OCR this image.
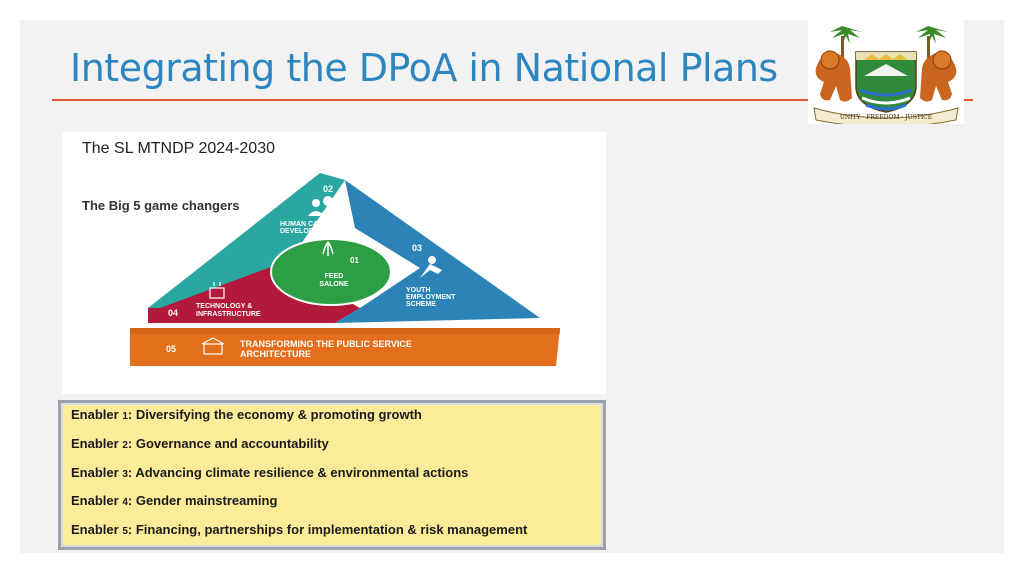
Integrating the DPoA in National Plans
UNITY · FREEDOM · JUSTICE
The SL MTNDP 2024-2030
The Big 5 game changers
02
HUMAN CAPITAL
DEVELOPMENT
01
FEED
SALONE
03
YOUTH
EMPLOYMENT
SCHEME
04
TECHNOLOGY &
INFRASTRUCTURE
05	TRANSFORMING THE PUBLIC SERVICE
ARCHITECTURE
Enabler 1: Diversifying the economy & promoting growth
Enabler 2: Governance and accountability
Enabler 3: Advancing climate resilience & environmental actions
Enabler 4: Gender mainstreaming
Enabler 5: Financing, partnerships for implementation & risk management
